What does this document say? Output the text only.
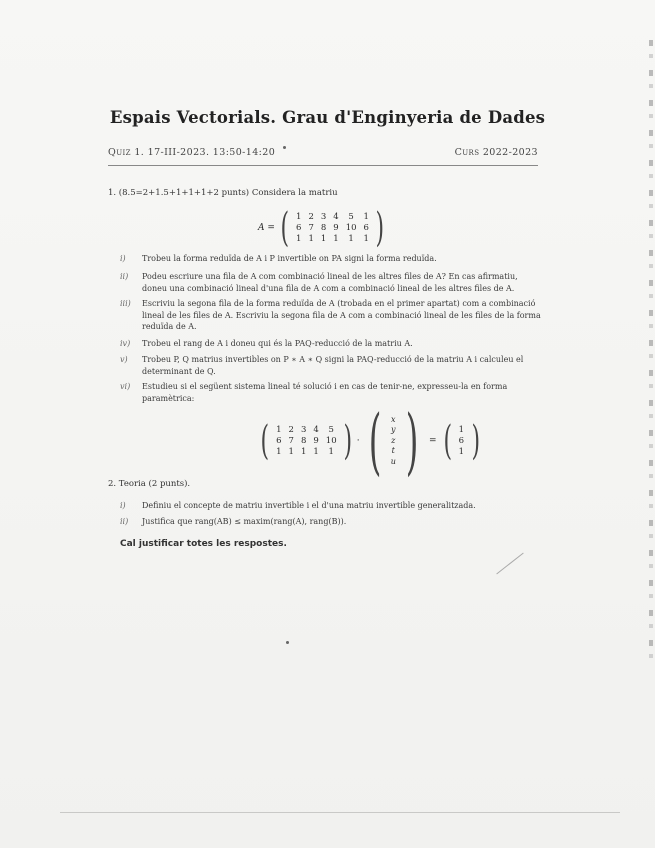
Espais Vectorials. Grau d'Enginyeria de Dades
Quiz 1. 17-III-2023. 13:50-14:20	Curs 2022-2023
1. (8.5=2+1.5+1+1+1+2 punts) Considera la matriu
A = ( 1	2	3	4	5	1
6	7	8	9	10	6
1	1	1	1	1	1 )
i) Trobeu la forma reduïda de A i P invertible on PA signi la forma reduïda.
ii) Podeu escriure una fila de A com combinació lineal de les altres files de A? En cas afirmatiu, doneu una combinació lineal d'una fila de A com a combinació lineal de les altres files de A.
iii) Escriviu la segona fila de la forma reduïda de A (trobada en el primer apartat) com a combinació lineal de les files de A. Escriviu la segona fila de A com a combinació lineal de les files de la forma reduïda de A.
iv) Trobeu el rang de A i doneu qui és la PAQ-reducció de la matriu A.
v) Trobeu P, Q matrius invertibles on P ∗ A ∗ Q signi la PAQ-reducció de la matriu A i calculeu el determinant de Q.
vi) Estudieu si el següent sistema lineal té solució i en cas de tenir-ne, expresseu-la en forma paramètrica:
( 1	2	3	4	5
6	7	8	9	10
1	1	1	1	1 ) · ( x
y
z
t
u ) = ( 1
6
1 )
2. Teoria (2 punts).
i) Definiu el concepte de matriu invertible i el d'una matriu invertible generalitzada.
ii) Justifica que rang(AB) ≤ maxim(rang(A), rang(B)).
Cal justificar totes les respostes.
